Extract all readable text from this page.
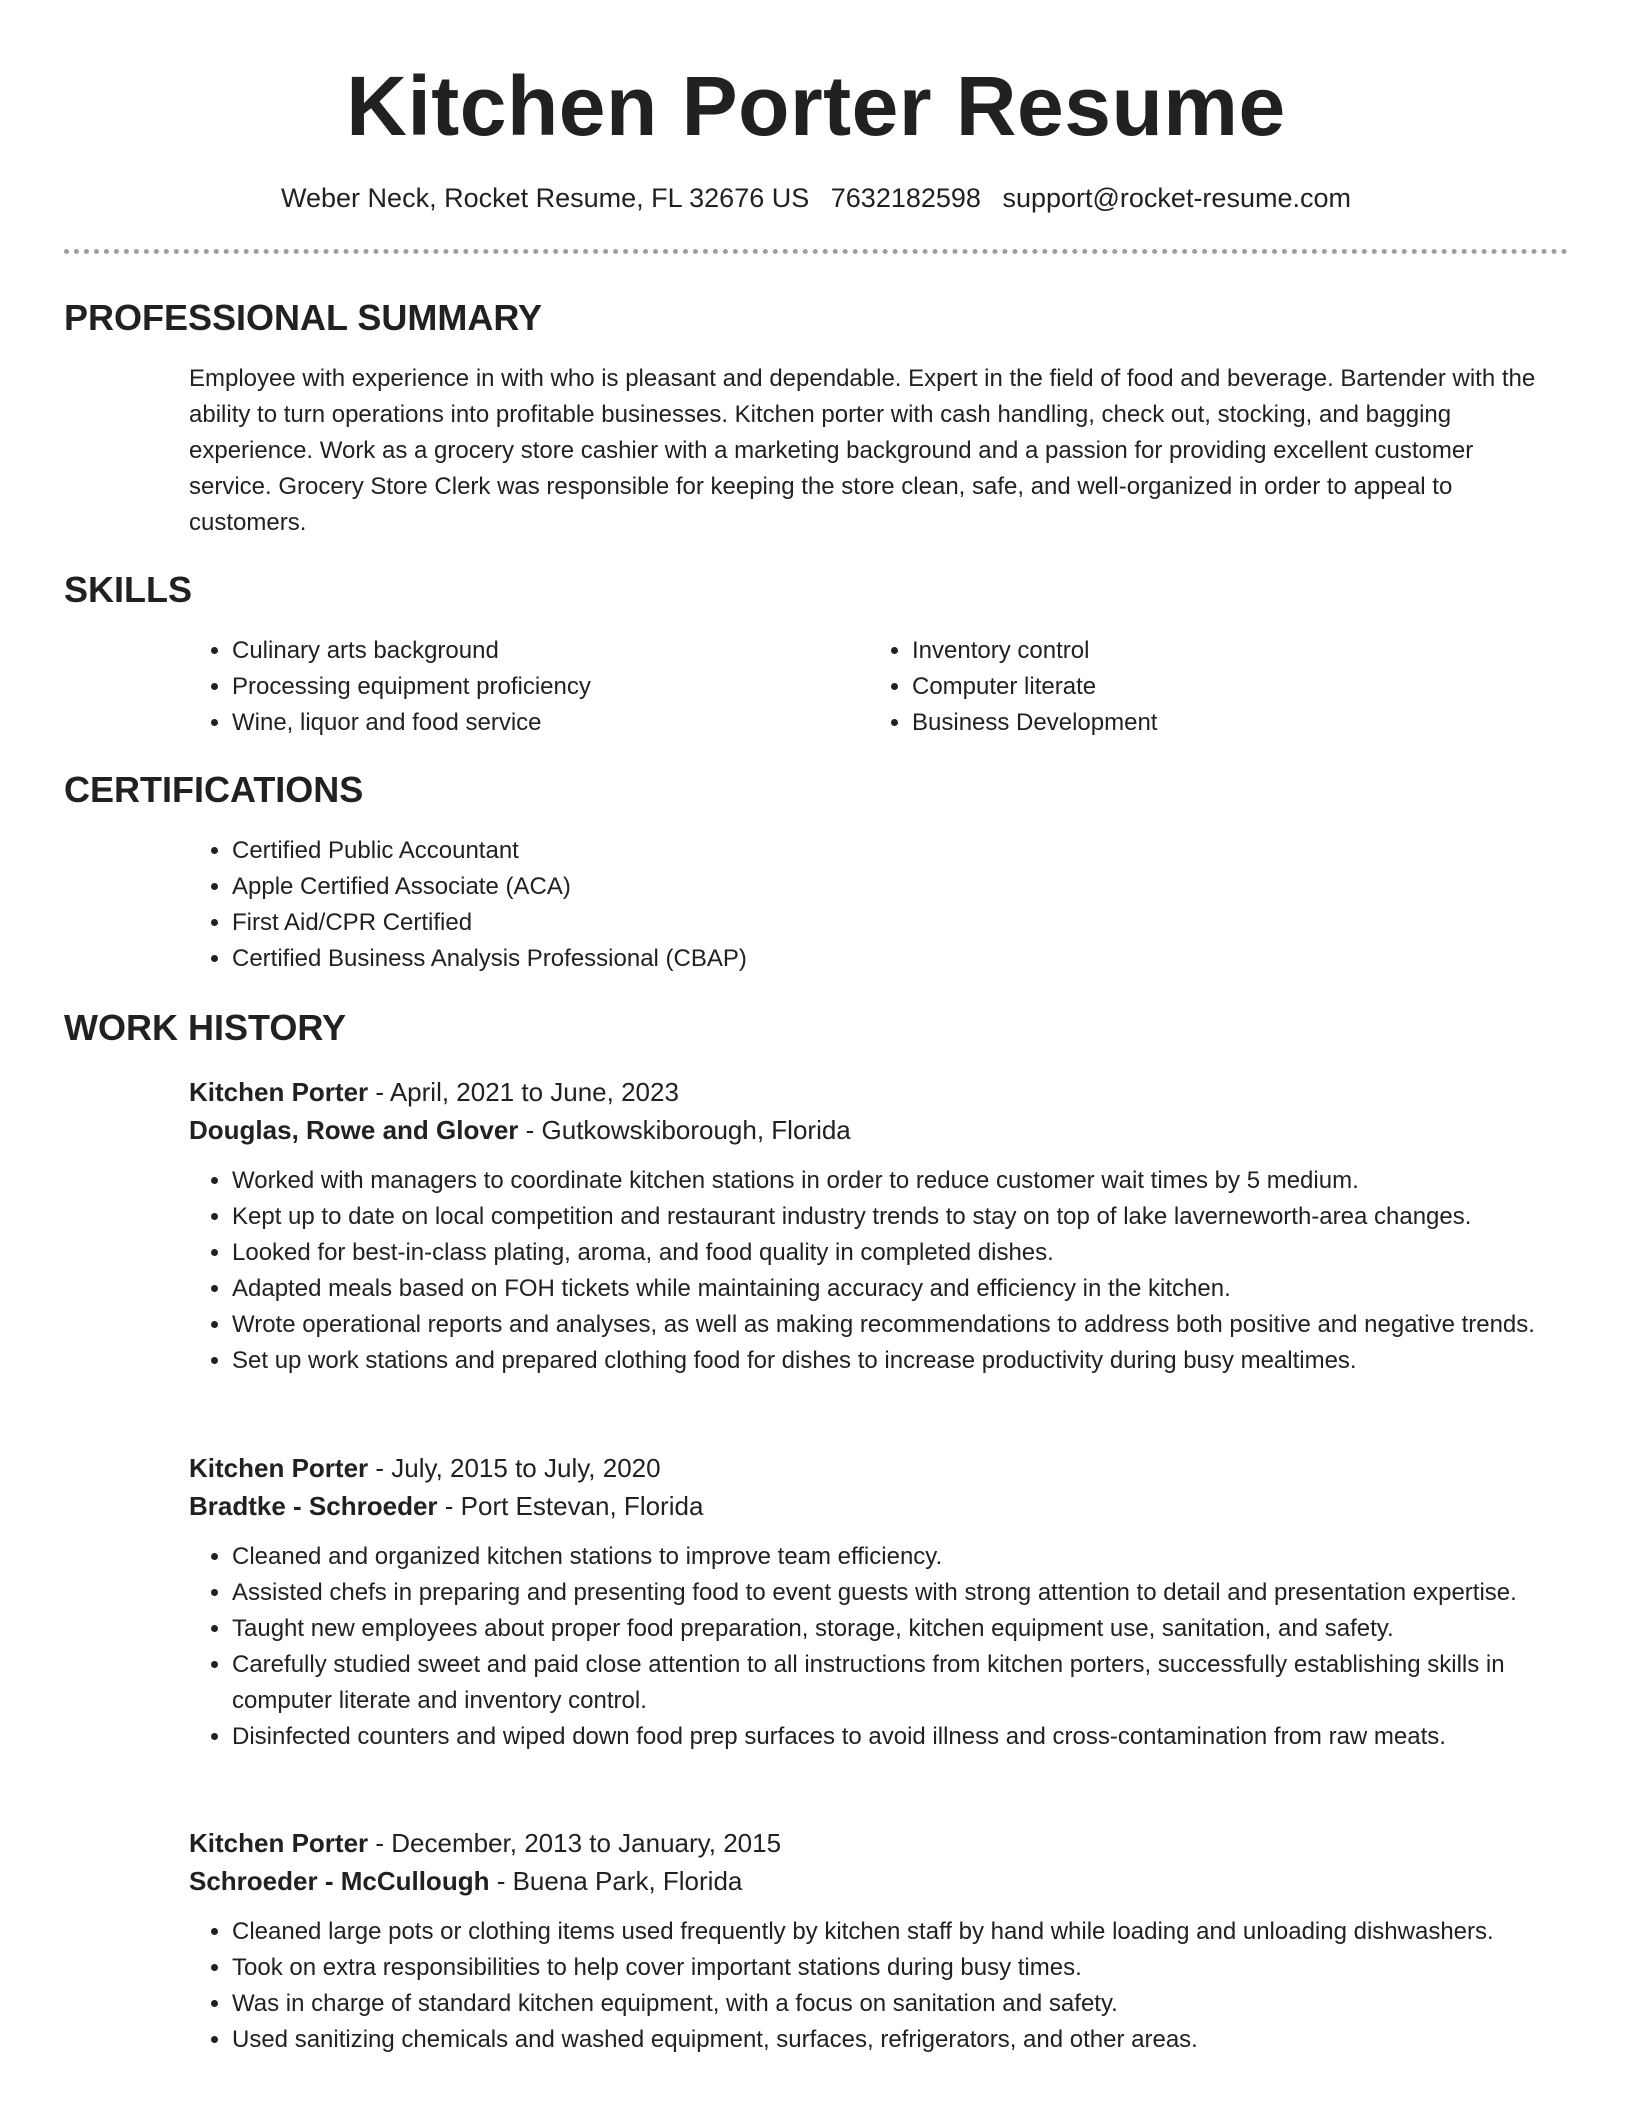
Kitchen Porter Resume
Weber Neck, Rocket Resume, FL 32676 US 7632182598 support@rocket-resume.com
PROFESSIONAL SUMMARY

Employee with experience in with who is pleasant and dependable. Expert in the field of food and beverage. Bartender with the ability to turn operations into profitable businesses. Kitchen porter with cash handling, check out, stocking, and bagging experience. Work as a grocery store cashier with a marketing background and a passion for providing excellent customer service. Grocery Store Clerk was responsible for keeping the store clean, safe, and well-organized in order to appeal to customers.

SKILLS
• Culinary arts background
• Processing equipment proficiency
• Wine, liquor and food service
• Inventory control
• Computer literate
• Business Development
CERTIFICATIONS
• Certified Public Accountant
• Apple Certified Associate (ACA)
• First Aid/CPR Certified
• Certified Business Analysis Professional (CBAP)
WORK HISTORY
Kitchen Porter - April, 2021 to June, 2023
Douglas, Rowe and Glover - Gutkowskiborough, Florida
• Worked with managers to coordinate kitchen stations in order to reduce customer wait times by 5 medium.
• Kept up to date on local competition and restaurant industry trends to stay on top of lake laverneworth-area changes.
• Looked for best-in-class plating, aroma, and food quality in completed dishes.
• Adapted meals based on FOH tickets while maintaining accuracy and efficiency in the kitchen.
• Wrote operational reports and analyses, as well as making recommendations to address both positive and negative trends.
• Set up work stations and prepared clothing food for dishes to increase productivity during busy mealtimes.
Kitchen Porter - July, 2015 to July, 2020
Bradtke - Schroeder - Port Estevan, Florida
• Cleaned and organized kitchen stations to improve team efficiency.
• Assisted chefs in preparing and presenting food to event guests with strong attention to detail and presentation expertise.
• Taught new employees about proper food preparation, storage, kitchen equipment use, sanitation, and safety.
• Carefully studied sweet and paid close attention to all instructions from kitchen porters, successfully establishing skills in computer literate and inventory control.
• Disinfected counters and wiped down food prep surfaces to avoid illness and cross-contamination from raw meats.
Kitchen Porter - December, 2013 to January, 2015
Schroeder - McCullough - Buena Park, Florida
• Cleaned large pots or clothing items used frequently by kitchen staff by hand while loading and unloading dishwashers.
• Took on extra responsibilities to help cover important stations during busy times.
• Was in charge of standard kitchen equipment, with a focus on sanitation and safety.
• Used sanitizing chemicals and washed equipment, surfaces, refrigerators, and other areas.
